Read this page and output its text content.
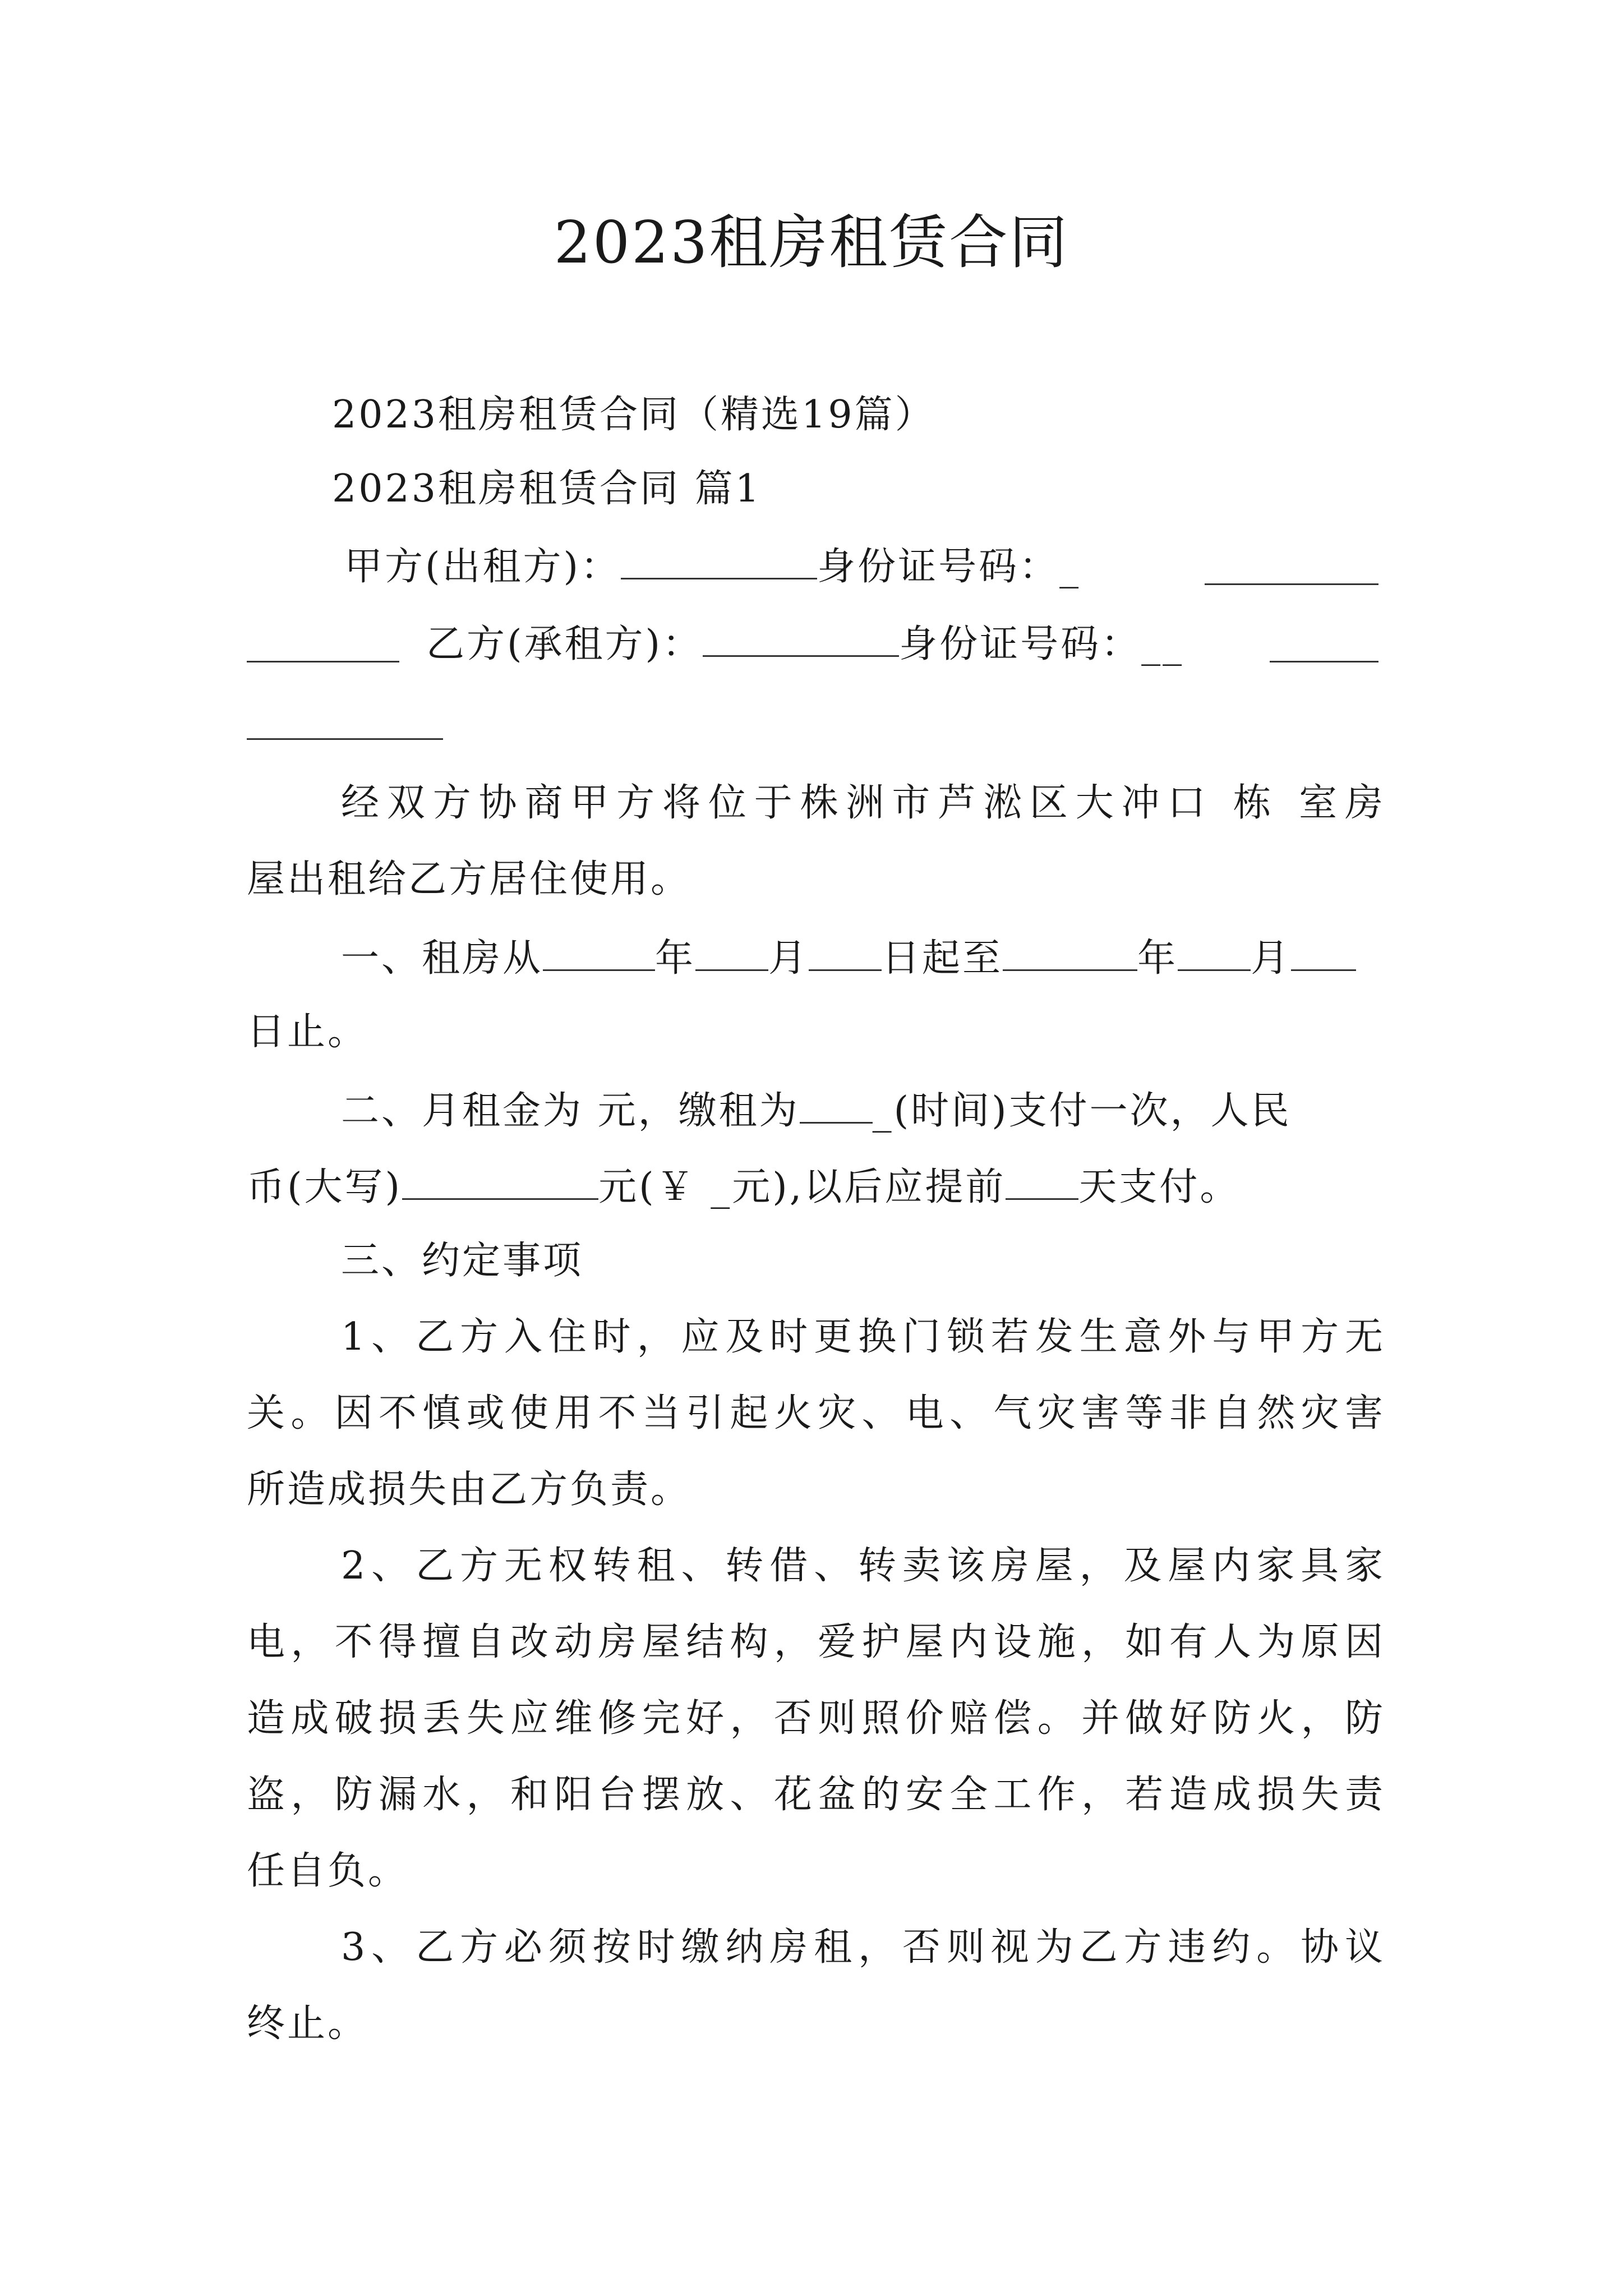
2023租房租赁合同
2023租房租赁合同（精选19篇）
2023租房租赁合同 篇1
甲方(出租方)：	身份证号码：_
乙方(承租方)：	身份证号码：__
经双方协商甲方将位于株洲市芦淞区大冲口 栋 室房
屋出租给乙方居住使用。
一、租房从	年 月 日起至	年 月
日止。
二、月租金为 元，缴租为 _(时间)支付一次，人民
币(大写)	元(￥ _元),以后应提前 天支付。
三、约定事项
1、乙方入住时，应及时更换门锁若发生意外与甲方无
关。因不慎或使用不当引起火灾、电、气灾害等非自然灾害
所造成损失由乙方负责。
2、乙方无权转租、转借、转卖该房屋，及屋内家具家
电，不得擅自改动房屋结构，爱护屋内设施，如有人为原因
造成破损丢失应维修完好，否则照价赔偿。并做好防火，防
盗，防漏水，和阳台摆放、花盆的安全工作，若造成损失责
任自负。
3、乙方必须按时缴纳房租，否则视为乙方违约。协议
终止。
